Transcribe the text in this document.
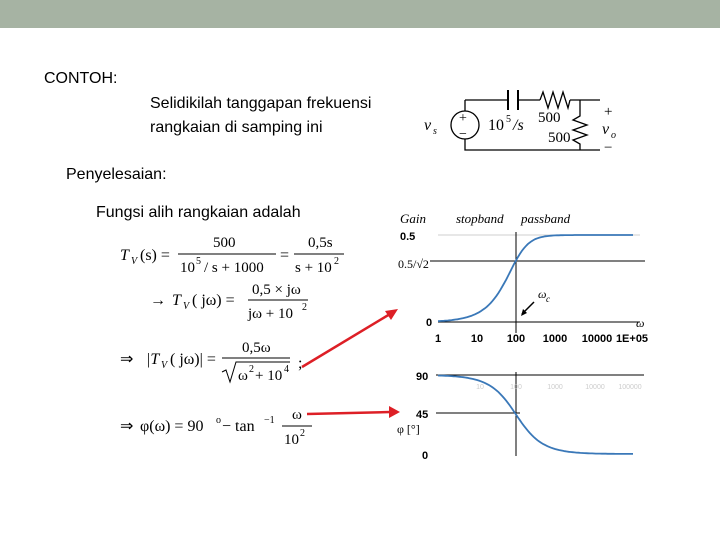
CONTOH:
Selidikilah tanggapan frekuensi
rangkaian di samping ini
Penyelesaian:
Fungsi alih rangkaian adalah
T V (s) =
500
10 5 / s + 1000
=
0,5s
s + 10 2
→ T V ( jω) =
0,5 × jω
jω + 10 2
⇒ |T V ( jω)| =
0,5ω
ω 2 + 10 4 ;
⇒ φ(ω) = 90 o − tan −1 ω
10 2
v s
+
−
10 5 /s 500
500
+
v o
−
Gain stopband passband
0.5
0.5/√2
0
ω c
ω
1	10 100 1000 10000 1E+05
90
45
0
φ [°]
10	100	1000	10000 100000
